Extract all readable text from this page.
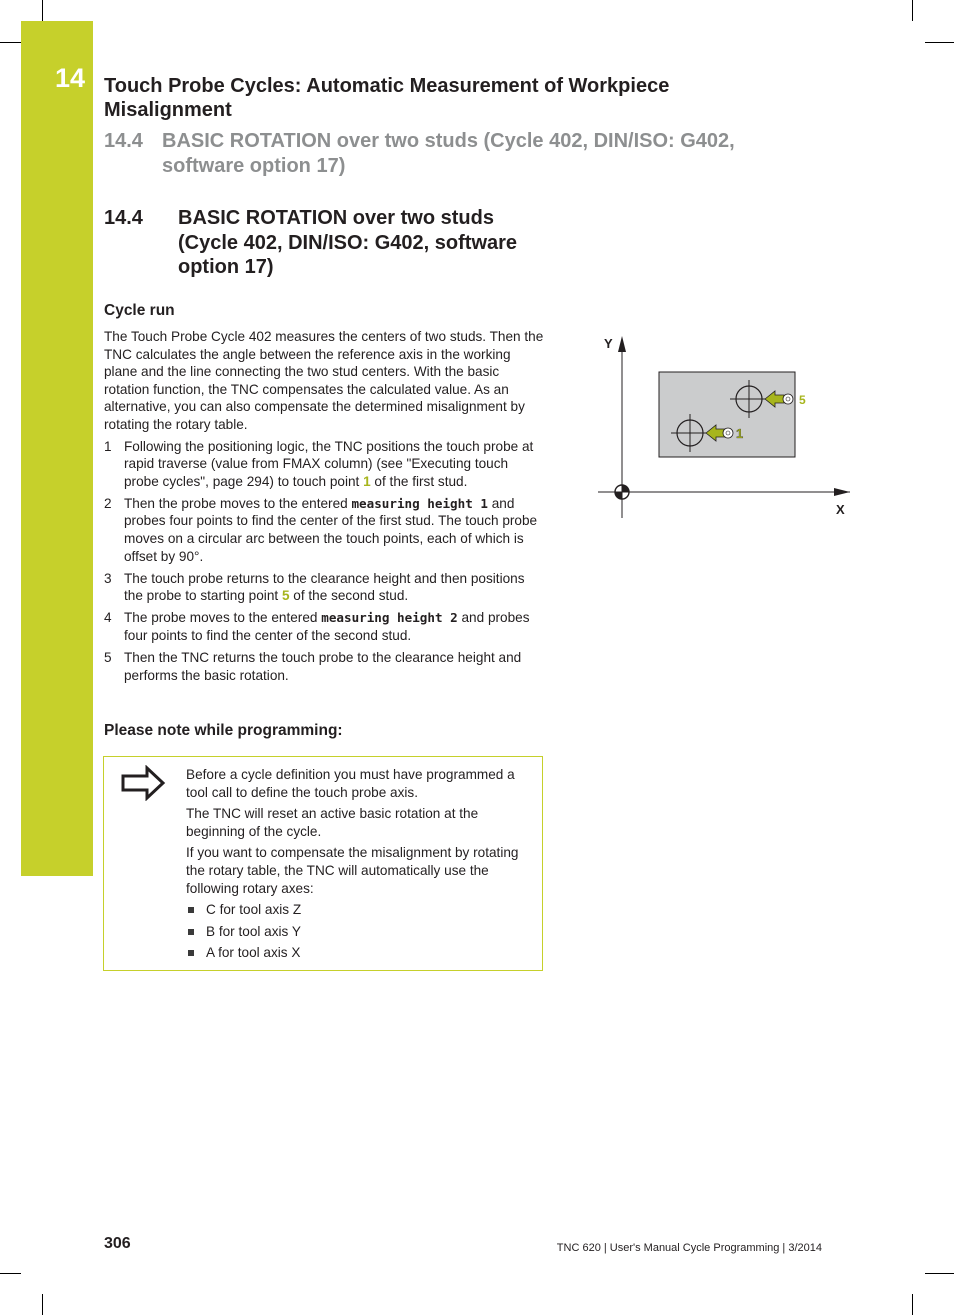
14 Touch Probe Cycles: Automatic Measurement of Workpiece Misalignment
14.4 BASIC ROTATION over two studs (Cycle 402, DIN/ISO: G402, software option 17)
14.4 BASIC ROTATION over two studs (Cycle 402, DIN/ISO: G402, software option 17)
Cycle run

The Touch Probe Cycle 402 measures the centers of two studs. Then the TNC calculates the angle between the reference axis in the working plane and the line connecting the two stud centers. With the basic rotation function, the TNC compensates the calculated value. As an alternative, you can also compensate the determined misalignment by rotating the rotary table.

1 Following the positioning logic, the TNC positions the touch probe at rapid traverse (value from FMAX column) (see "Executing touch probe cycles", page 294) to touch point 1 of the first stud.
2 Then the probe moves to the entered measuring height 1 and probes four points to find the center of the first stud. The touch probe moves on a circular arc between the touch points, each of which is offset by 90°.
3 The touch probe returns to the clearance height and then positions the probe to starting point 5 of the second stud.
4 The probe moves to the entered measuring height 2 and probes four points to find the center of the second stud.
5 Then the TNC returns the touch probe to the clearance height and performs the basic rotation.
Please note while programming:

Before a cycle definition you must have programmed a tool call to define the touch probe axis.

The TNC will reset an active basic rotation at the beginning of the cycle.

If you want to compensate the misalignment by rotating the rotary table, the TNC will automatically use the following rotary axes:

C for tool axis Z
B for tool axis Y
A for tool axis X
Y
X
1
5
306	TNC 620 | User's Manual Cycle Programming | 3/2014
